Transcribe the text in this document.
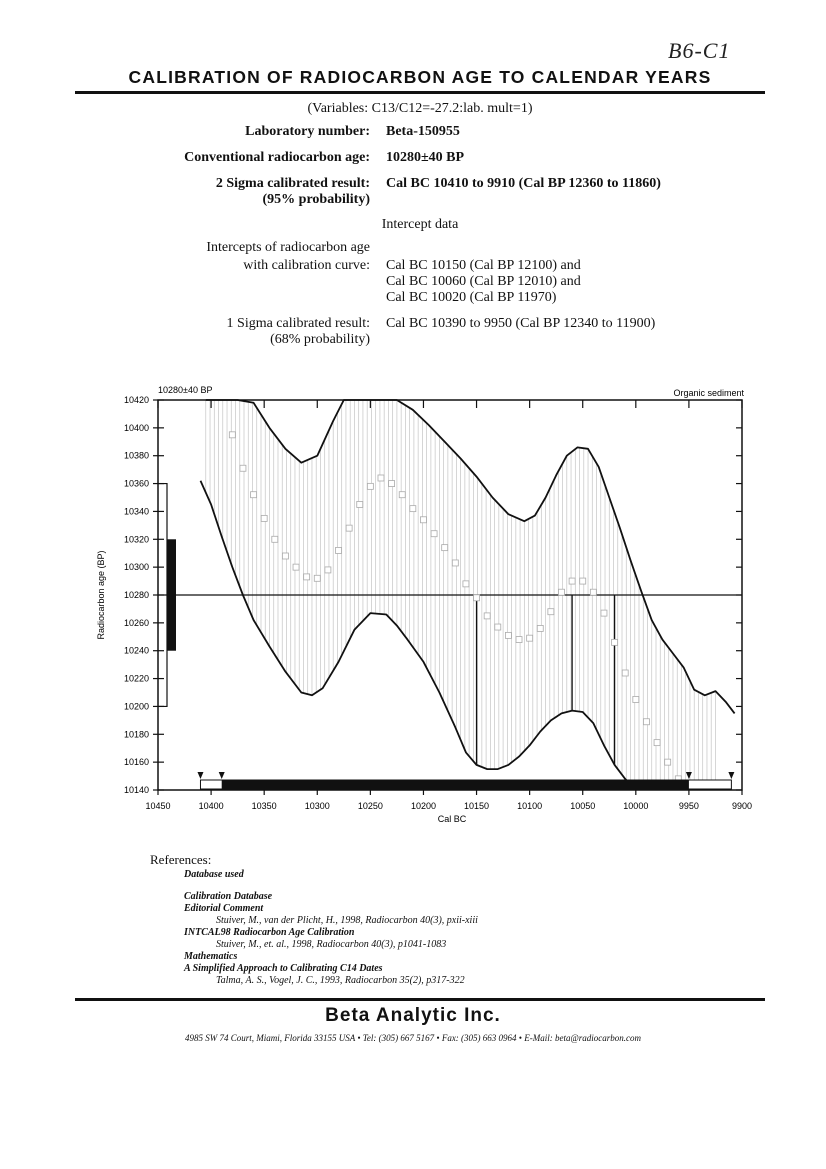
B6-C1
CALIBRATION OF RADIOCARBON AGE TO CALENDAR YEARS
(Variables: C13/C12=-27.2:lab. mult=1)
Laboratory number: Beta-150955
Conventional radiocarbon age: 10280±40 BP
2 Sigma calibrated result:
(95% probability)
Cal BC 10410 to 9910 (Cal BP 12360 to 11860)
Intercept data
Intercepts of radiocarbon age
with calibration curve: Cal BC 10150 (Cal BP 12100) and
Cal BC 10060 (Cal BP 12010) and
Cal BC 10020 (Cal BP 11970)
1 Sigma calibrated result:
(68% probability)
Cal BC 10390 to 9950 (Cal BP 12340 to 11900)
10450	10400	10350	10300	10250	10200	10150	10100	10050	10000	9950	9900
10420
10400
10380
10360
10340
10320
10300
10280
10260
10240
10220
10200
10180
10160
10140
10280±40 BP	Organic sediment
Cal BC
Radiocarbon age (BP)
References:
Database used
Calibration Database
Editorial Comment
Stuiver, M., van der Plicht, H., 1998, Radiocarbon 40(3), pxii-xiii
INTCAL98 Radiocarbon Age Calibration
Stuiver, M., et. al., 1998, Radiocarbon 40(3), p1041-1083
Mathematics
A Simplified Approach to Calibrating C14 Dates
Talma, A. S., Vogel, J. C., 1993, Radiocarbon 35(2), p317-322
Beta Analytic Inc.
4985 SW 74 Court, Miami, Florida 33155 USA • Tel: (305) 667 5167 • Fax: (305) 663 0964 • E-Mail: beta@radiocarbon.com
